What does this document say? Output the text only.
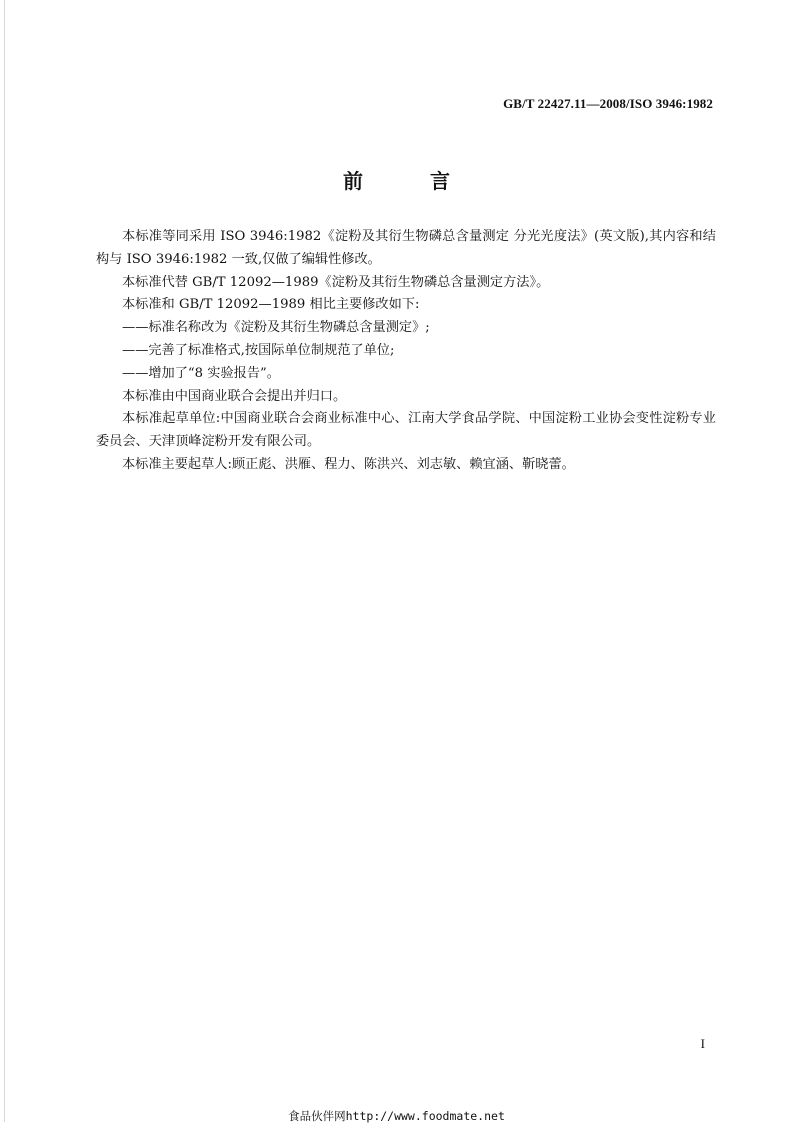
GB/T 22427.11—2008/ISO 3946:1982
前 言

本标准等同采用 ISO 3946:1982《淀粉及其衍生物磷总含量测定 分光光度法》(英文版),其内容和结构与 ISO 3946:1982 一致,仅做了编辑性修改。

本标准代替 GB/T 12092—1989《淀粉及其衍生物磷总含量测定方法》。

本标准和 GB/T 12092—1989 相比主要修改如下:

——标准名称改为《淀粉及其衍生物磷总含量测定》;

——完善了标准格式,按国际单位制规范了单位;

——增加了“8 实验报告”。

本标准由中国商业联合会提出并归口。

本标准起草单位:中国商业联合会商业标准中心、江南大学食品学院、中国淀粉工业协会变性淀粉专业委员会、天津顶峰淀粉开发有限公司。

本标准主要起草人:顾正彪、洪雁、程力、陈洪兴、刘志敏、赖宜涵、靳晓蕾。

I
食品伙伴网http://www.foodmate.net
